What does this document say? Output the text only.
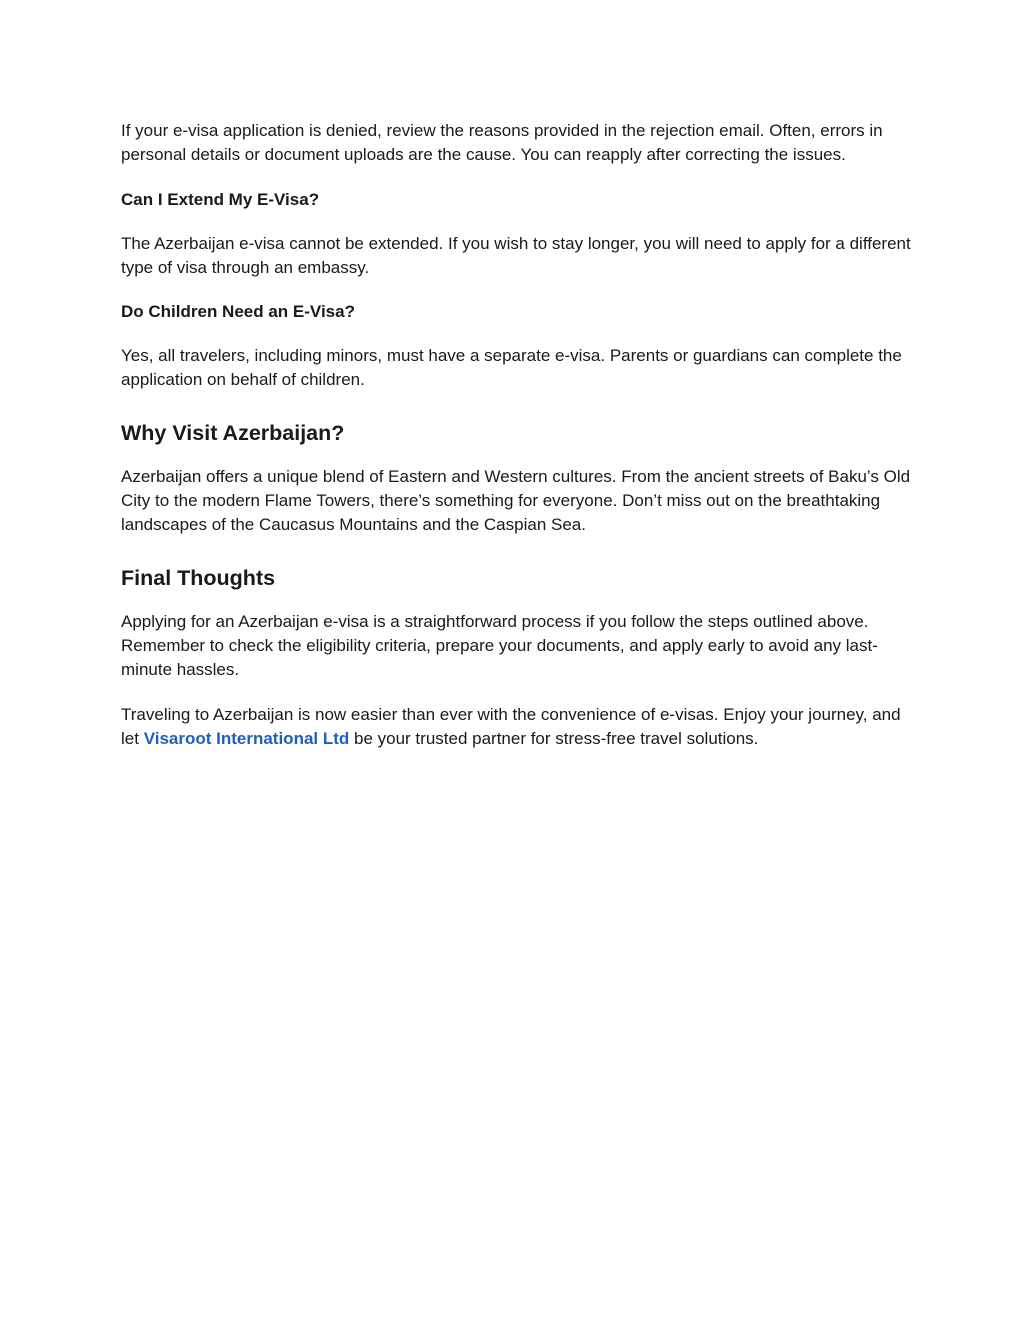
If your e-visa application is denied, review the reasons provided in the rejection email. Often, errors in personal details or document uploads are the cause. You can reapply after correcting the issues.

Can I Extend My E-Visa?

The Azerbaijan e-visa cannot be extended. If you wish to stay longer, you will need to apply for a different type of visa through an embassy.

Do Children Need an E-Visa?

Yes, all travelers, including minors, must have a separate e-visa. Parents or guardians can complete the application on behalf of children.

Why Visit Azerbaijan?

Azerbaijan offers a unique blend of Eastern and Western cultures. From the ancient streets of Baku’s Old City to the modern Flame Towers, there’s something for everyone. Don’t miss out on the breathtaking landscapes of the Caucasus Mountains and the Caspian Sea.

Final Thoughts

Applying for an Azerbaijan e-visa is a straightforward process if you follow the steps outlined above. Remember to check the eligibility criteria, prepare your documents, and apply early to avoid any last-minute hassles.

Traveling to Azerbaijan is now easier than ever with the convenience of e-visas. Enjoy your journey, and let Visaroot International Ltd be your trusted partner for stress-free travel solutions.
